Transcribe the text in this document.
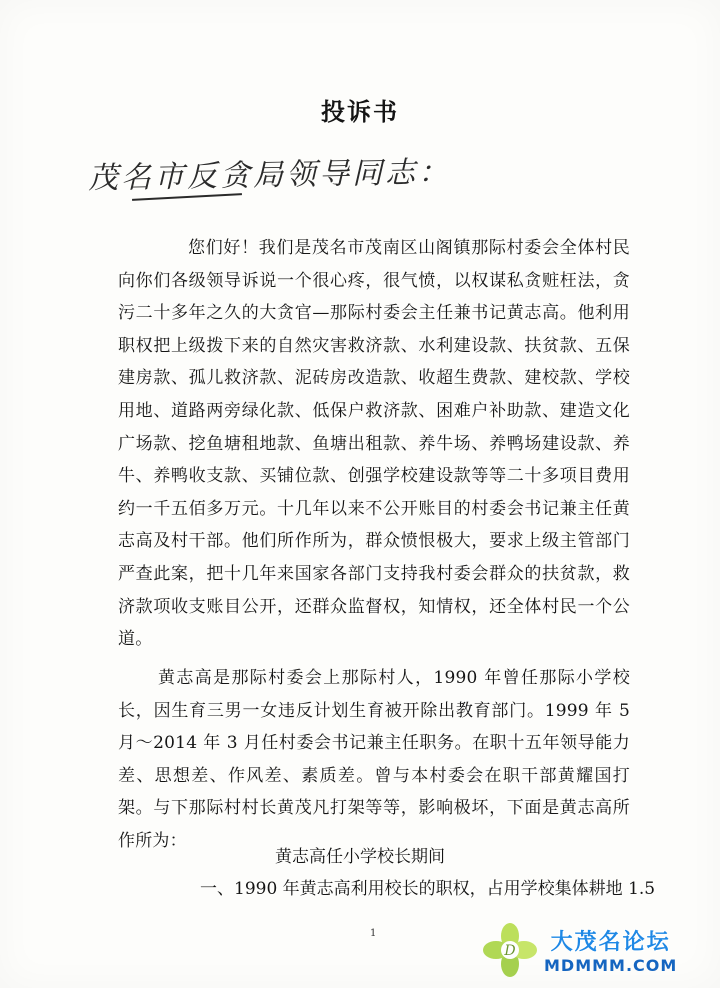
投诉书
茂名市反贪局领导同志：
您们好！我们是茂名市茂南区山阁镇那际村委会全体村民向你们各级领导诉说一个很心疼，很气愤，以权谋私贪赃枉法，贪污二十多年之久的大贪官—那际村委会主任兼书记黄志高。他利用职权把上级拨下来的自然灾害救济款、水利建设款、扶贫款、五保建房款、孤儿救济款、泥砖房改造款、收超生费款、建校款、学校用地、道路两旁绿化款、低保户救济款、困难户补助款、建造文化广场款、挖鱼塘租地款、鱼塘出租款、养牛场、养鸭场建设款、养牛、养鸭收支款、买铺位款、创强学校建设款等等二十多项目费用约一千五佰多万元。十几年以来不公开账目的村委会书记兼主任黄志高及村干部。他们所作所为，群众愤恨极大，要求上级主管部门严查此案，把十几年来国家各部门支持我村委会群众的扶贫款，救济款项收支账目公开，还群众监督权，知情权，还全体村民一个公道。
黄志高是那际村委会上那际村人，1990 年曾任那际小学校长，因生育三男一女违反计划生育被开除出教育部门。1999 年 5 月～2014 年 3 月任村委会书记兼主任职务。在职十五年领导能力差、思想差、作风差、素质差。曾与本村委会在职干部黄耀国打架。与下那际村村长黄茂凡打架等等，影响极坏，下面是黄志高所作所为：
黄志高任小学校长期间
一、1990 年黄志高利用校长的职权，占用学校集体耕地 1.5
1
D 大茂名论坛
MDMMM.COM
